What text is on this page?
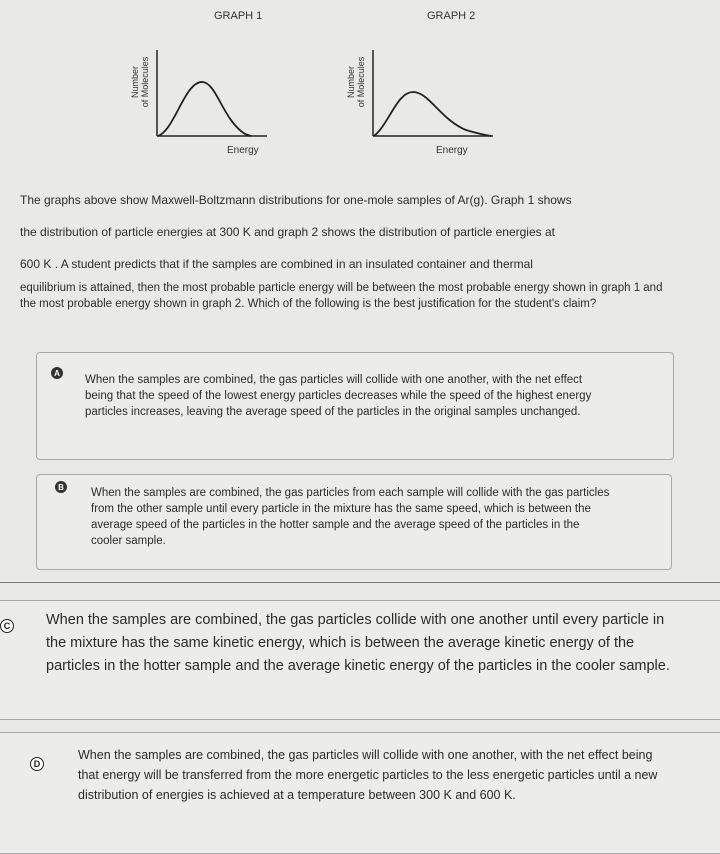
GRAPH 1
Number of Molecules
Energy
GRAPH 2
Number of Molecules
Energy

The graphs above show Maxwell-Boltzmann distributions for one-mole samples of Ar(g). Graph 1 shows

the distribution of particle energies at 300 K and graph 2 shows the distribution of particle energies at

600 K . A student predicts that if the samples are combined in an insulated container and thermal

equilibrium is attained, then the most probable particle energy will be between the most probable energy shown in graph 1 and the most probable energy shown in graph 2. Which of the following is the best justification for the student's claim?

A
When the samples are combined, the gas particles will collide with one another, with the net effect being that the speed of the lowest energy particles decreases while the speed of the highest energy particles increases, leaving the average speed of the particles in the original samples unchanged.
B When the samples are combined, the gas particles from each sample will collide with the gas particles from the other sample until every particle in the mixture has the same speed, which is between the average speed of the particles in the hotter sample and the average speed of the particles in the cooler sample.
C When the samples are combined, the gas particles collide with one another until every particle in the mixture has the same kinetic energy, which is between the average kinetic energy of the particles in the hotter sample and the average kinetic energy of the particles in the cooler sample.
D
When the samples are combined, the gas particles will collide with one another, with the net effect being that energy will be transferred from the more energetic particles to the less energetic particles until a new distribution of energies is achieved at a temperature between 300 K and 600 K.
